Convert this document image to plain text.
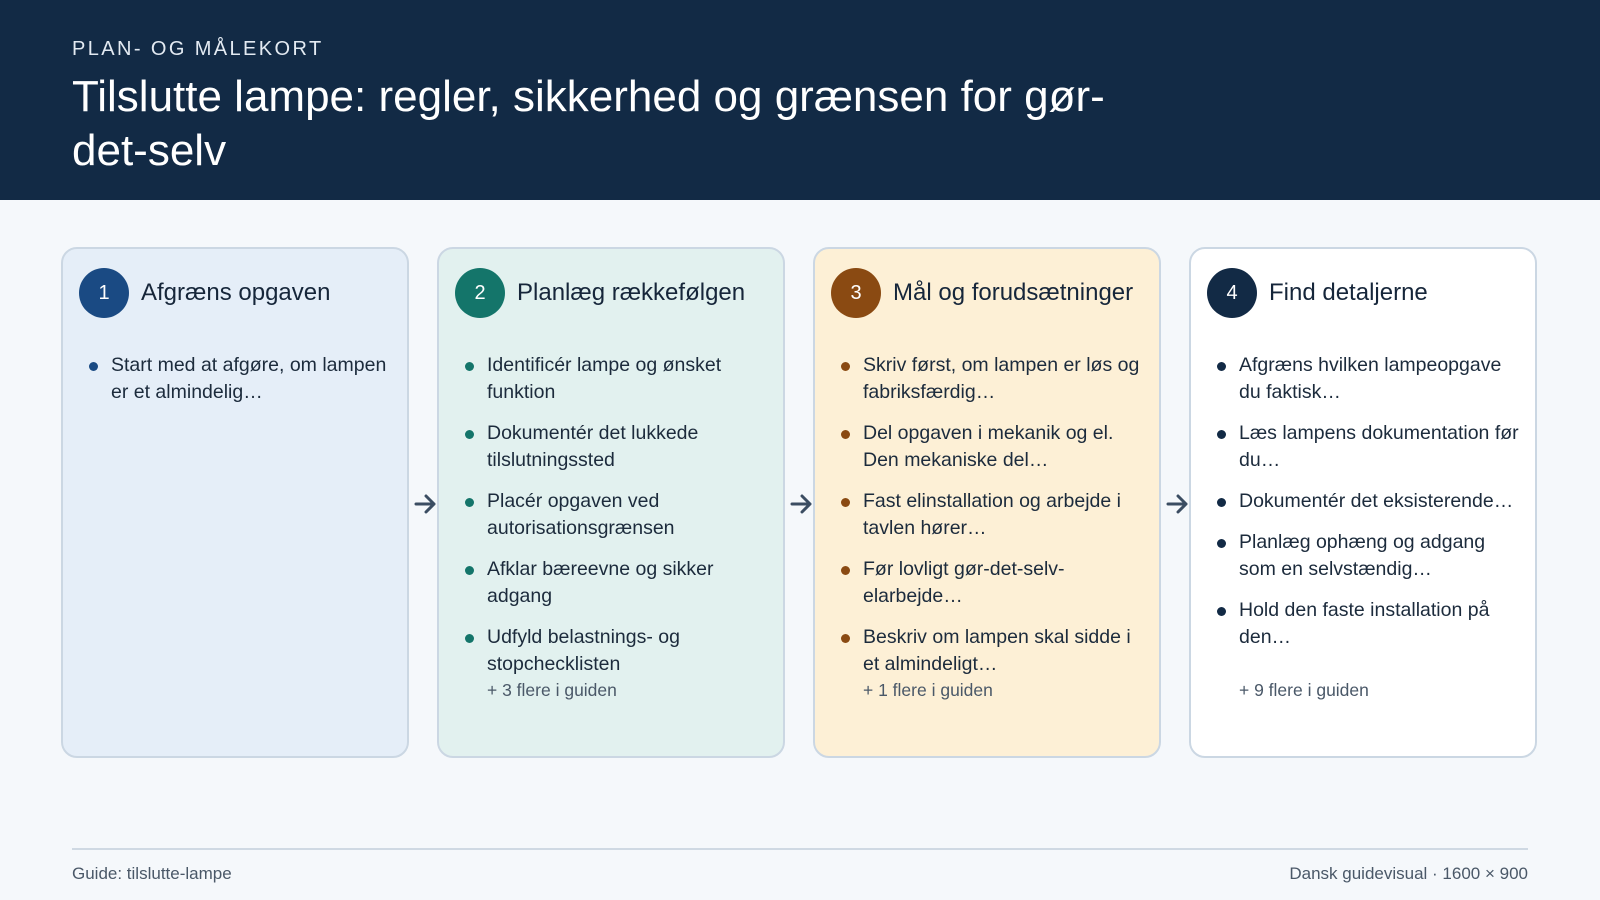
PLAN- OG MÅLEKORT
Tilslutte lampe: regler, sikkerhed og grænsen for gør-det-selv
1	Afgræns opgaven
Start med at afgøre, om lampen er et almindelig…
2	Planlæg rækkefølgen
Identificér lampe og ønsket funktion
Dokumentér det lukkede tilslutningssted
Placér opgaven ved autorisationsgrænsen
Afklar bæreevne og sikker adgang
Udfyld belastnings- og stopchecklisten
+ 3 flere i guiden
3	Mål og forudsætninger
Skriv først, om lampen er løs og fabriksfærdig…
Del opgaven i mekanik og el. Den mekaniske del…
Fast elinstallation og arbejde i tavlen hører…
Før lovligt gør-det-selv-elarbejde…
Beskriv om lampen skal sidde i et almindeligt…
+ 1 flere i guiden
4	Find detaljerne
Afgræns hvilken lampeopgave du faktisk…
Læs lampens dokumentation før du…
Dokumentér det eksisterende…
Planlæg ophæng og adgang som en selvstændig…
Hold den faste installation på den…
+ 9 flere i guiden
Guide: tilslutte-lampe	Dansk guidevisual · 1600 × 900
